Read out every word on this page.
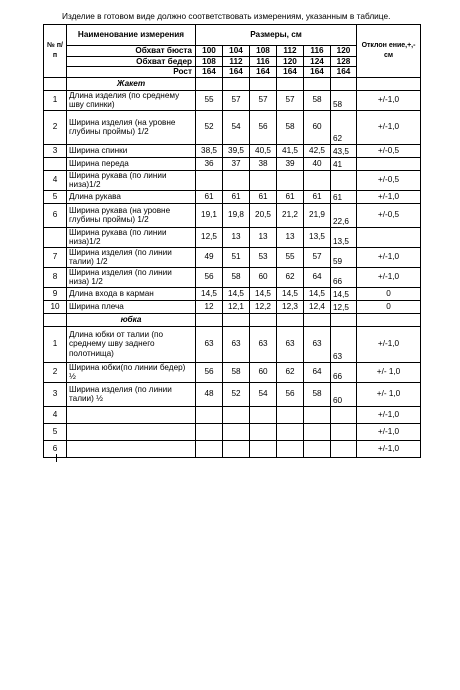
Изделие в готовом виде должно соответствовать измерениям, указанным в таблице.
№ п/п	Наименование измерения	Размеры, см						Отклон ение,+,- см
	Обхват бюста	100	104	108	112	116	120	
	Обхват бедер	108	112	116	120	124	128	
	Рост	164	164	164	164	164	164	
	Жакет							
1	Длина изделия (по среднему шву спинки)	55	57	57	57	58	58	+/-1,0
2	Ширина изделия (на уровне глубины проймы) 1/2	52	54	56	58	60	62	+/-1,0
3	Ширина спинки	38,5	39,5	40,5	41,5	42,5	43,5	+/-0,5
	Ширина переда	36	37	38	39	40	41	
4	Ширина рукава (по линии низа)1/2							+/-0,5
5	Длина рукава	61	61	61	61	61	61	+/-1,0
6	Ширина рукава (на уровне глубины проймы) 1/2	19,1	19,8	20,5	21,2	21,9	22,6	+/-0,5
	Ширина рукава (по линии низа)1/2	12,5	13	13	13	13,5	13,5	
7	Ширина изделия (по линии талии) 1/2	49	51	53	55	57	59	+/-1,0
8	Ширина изделия (по линии низа) 1/2	56	58	60	62	64	66	+/-1,0
9	Длина входа в карман	14,5	14,5	14,5	14,5	14,5	14,5	0
10	Ширина плеча	12	12,1	12,2	12,3	12,4	12,5	0
	юбка							
1	Длина юбки от талии (по среднему шву заднего полотнища)	63	63	63	63	63	63	+/-1,0
2	Ширина юбки(по линии бедер) ½	56	58	60	62	64	66	+/- 1,0
3	Ширина изделия (по линии талии) ½	48	52	54	56	58	60	+/- 1,0
4								+/-1,0
5								+/-1,0
6								+/-1,0
